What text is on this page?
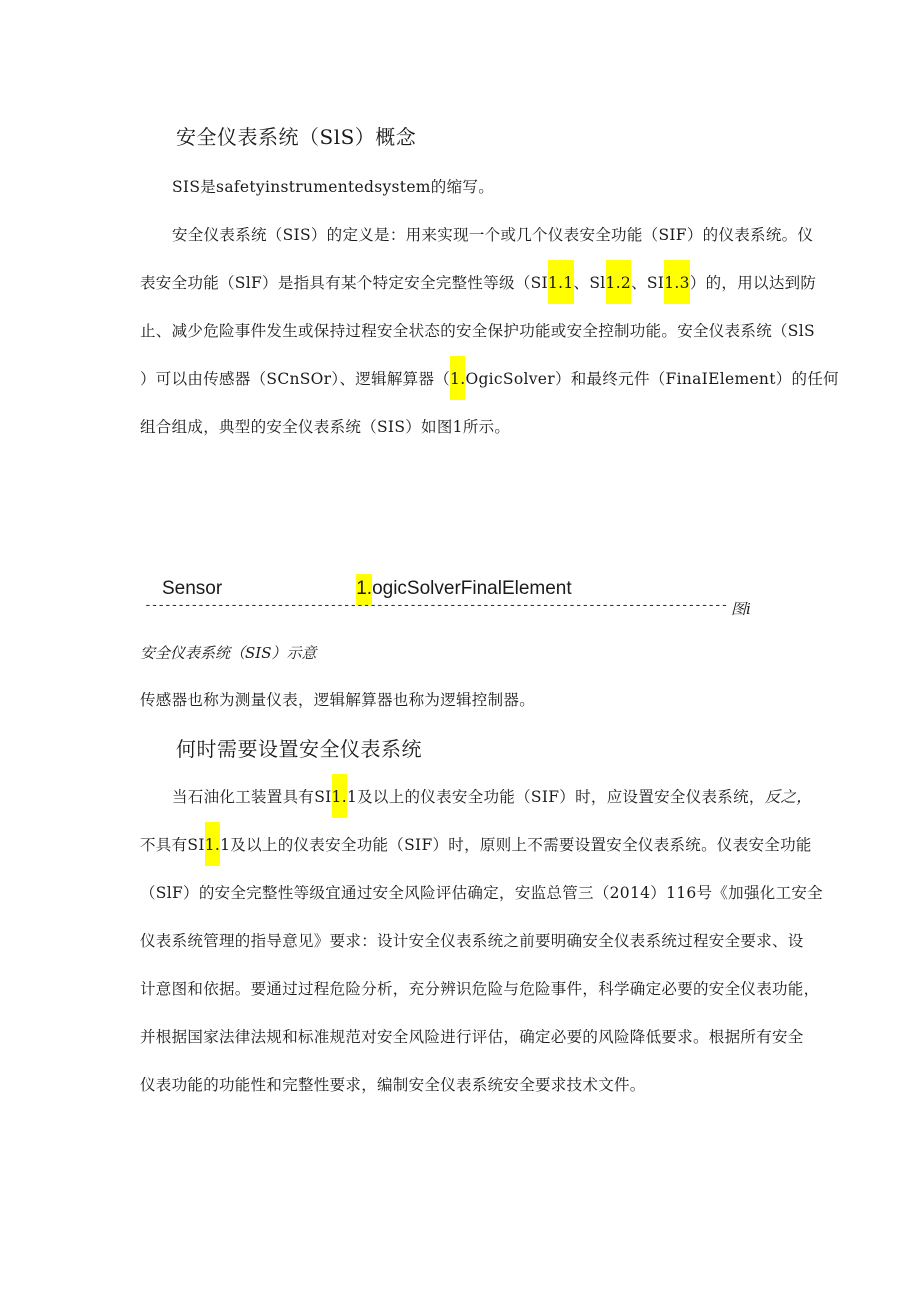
安全仪表系统（SlS）概念
SIS是safetyinstrumentedsystem的缩写。
安全仪表系统（SIS）的定义是：用来实现一个或几个仪表安全功能（SIF）的仪表系统。仪
表安全功能（SlF）是指具有某个特定安全完整性等级（SI1.1、Sl1.2、SI1.3）的，用以达到防
止、减少危险事件发生或保持过程安全状态的安全保护功能或安全控制功能。安全仪表系统（SlS
）可以由传感器（SCnSOr）、逻辑解算器（1.OgicSolver）和最终元件（FinaIElement）的任何
组合组成，典型的安全仪表系统（SIS）如图1所示。
Sensor	1.ogicSolverFinalElement
---------------------------------------------------------------------------------------- 图i
安全仪表系统（SIS）示意
传感器也称为测量仪表，逻辑解算器也称为逻辑控制器。
何时需要设置安全仪表系统
当石油化工装置具有SI1.1及以上的仪表安全功能（SIF）时，应设置安全仪表系统，反之，
不具有SI1.1及以上的仪表安全功能（SIF）时，原则上不需要设置安全仪表系统。仪表安全功能
（SlF）的安全完整性等级宜通过安全风险评估确定，安监总管三（2014）116号《加强化工安全
仪表系统管理的指导意见》要求：设计安全仪表系统之前要明确安全仪表系统过程安全要求、设
计意图和依据。要通过过程危险分析，充分辨识危险与危险事件，科学确定必要的安全仪表功能，
并根据国家法律法规和标准规范对安全风险进行评估，确定必要的风险降低要求。根据所有安全
仪表功能的功能性和完整性要求，编制安全仪表系统安全要求技术文件。
